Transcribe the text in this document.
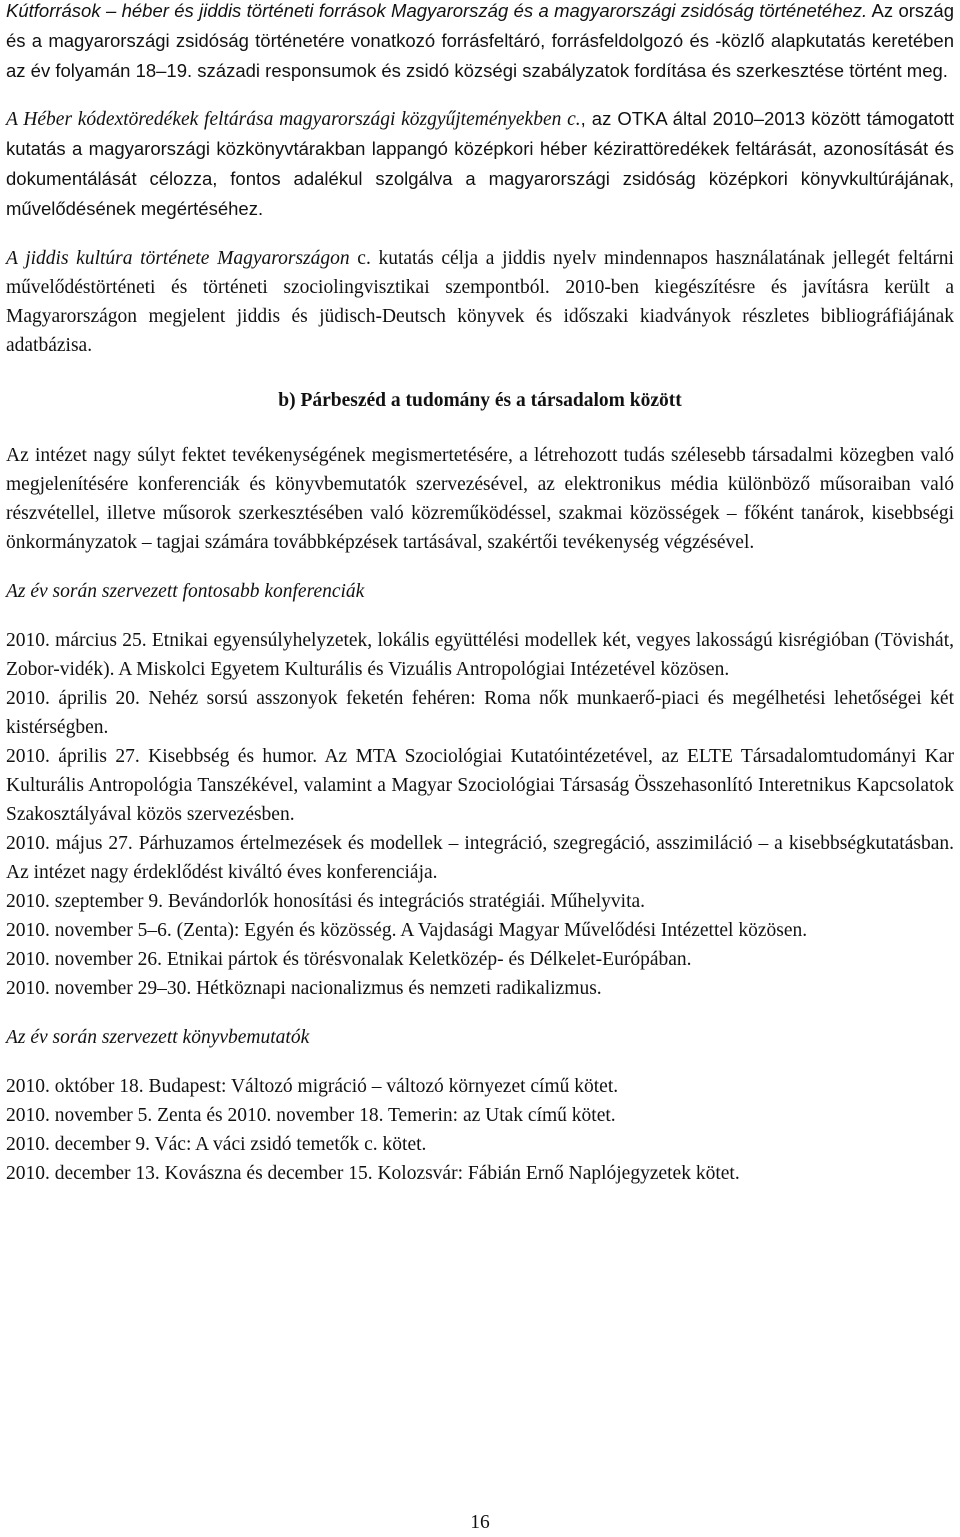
Kútforrások – héber és jiddis történeti források Magyarország és a magyarországi zsidóság történetéhez. Az ország és a magyarországi zsidóság történetére vonatkozó forrásfeltáró, forrásfeldolgozó és -közlő alapkutatás keretében az év folyamán 18–19. századi responsumok és zsidó községi szabályzatok fordítása és szerkesztése történt meg.

A Héber kódextöredékek feltárása magyarországi közgyűjteményekben c., az OTKA által 2010–2013 között támogatott kutatás a magyarországi közkönyvtárakban lappangó középkori héber kézirattöredékek feltárását, azonosítását és dokumentálását célozza, fontos adalékul szolgálva a magyarországi zsidóság középkori könyvkultúrájának, művelődésének megértéséhez.

A jiddis kultúra története Magyarországon c. kutatás célja a jiddis nyelv mindennapos használatának jellegét feltárni művelődéstörténeti és történeti szociolingvisztikai szempontból. 2010-ben kiegészítésre és javításra került a Magyarországon megjelent jiddis és jüdisch-Deutsch könyvek és időszaki kiadványok részletes bibliográfiájának adatbázisa.

b) Párbeszéd a tudomány és a társadalom között

Az intézet nagy súlyt fektet tevékenységének megismertetésére, a létrehozott tudás szélesebb társadalmi közegben való megjelenítésére konferenciák és könyvbemutatók szervezésével, az elektronikus média különböző műsoraiban való részvétellel, illetve műsorok szerkesztésében való közreműködéssel, szakmai közösségek – főként tanárok, kisebbségi önkormányzatok – tagjai számára továbbképzések tartásával, szakértői tevékenység végzésével.

Az év során szervezett fontosabb konferenciák

2010. március 25. Etnikai egyensúlyhelyzetek, lokális együttélési modellek két, vegyes lakosságú kisrégióban (Tövishát, Zobor-vidék). A Miskolci Egyetem Kulturális és Vizuális Antropológiai Intézetével közösen.

2010. április 20. Nehéz sorsú asszonyok feketén fehéren: Roma nők munkaerő-piaci és megélhetési lehetőségei két kistérségben.

2010. április 27. Kisebbség és humor. Az MTA Szociológiai Kutatóintézetével, az ELTE Társadalomtudományi Kar Kulturális Antropológia Tanszékével, valamint a Magyar Szociológiai Társaság Összehasonlító Interetnikus Kapcsolatok Szakosztályával közös szervezésben.

2010. május 27. Párhuzamos értelmezések és modellek – integráció, szegregáció, asszimiláció – a kisebbségkutatásban. Az intézet nagy érdeklődést kiváltó éves konferenciája.

2010. szeptember 9. Bevándorlók honosítási és integrációs stratégiái. Műhelyvita.

2010. november 5–6. (Zenta): Egyén és közösség. A Vajdasági Magyar Művelődési Intézettel közösen.

2010. november 26. Etnikai pártok és törésvonalak Keletközép- és Délkelet-Európában.

2010. november 29–30. Hétköznapi nacionalizmus és nemzeti radikalizmus.

Az év során szervezett könyvbemutatók

2010. október 18. Budapest: Változó migráció – változó környezet című kötet.

2010. november 5. Zenta és 2010. november 18. Temerin: az Utak című kötet.

2010. december 9. Vác: A váci zsidó temetők c. kötet.

2010. december 13. Kovászna és december 15. Kolozsvár: Fábián Ernő Naplójegyzetek kötet.

16
